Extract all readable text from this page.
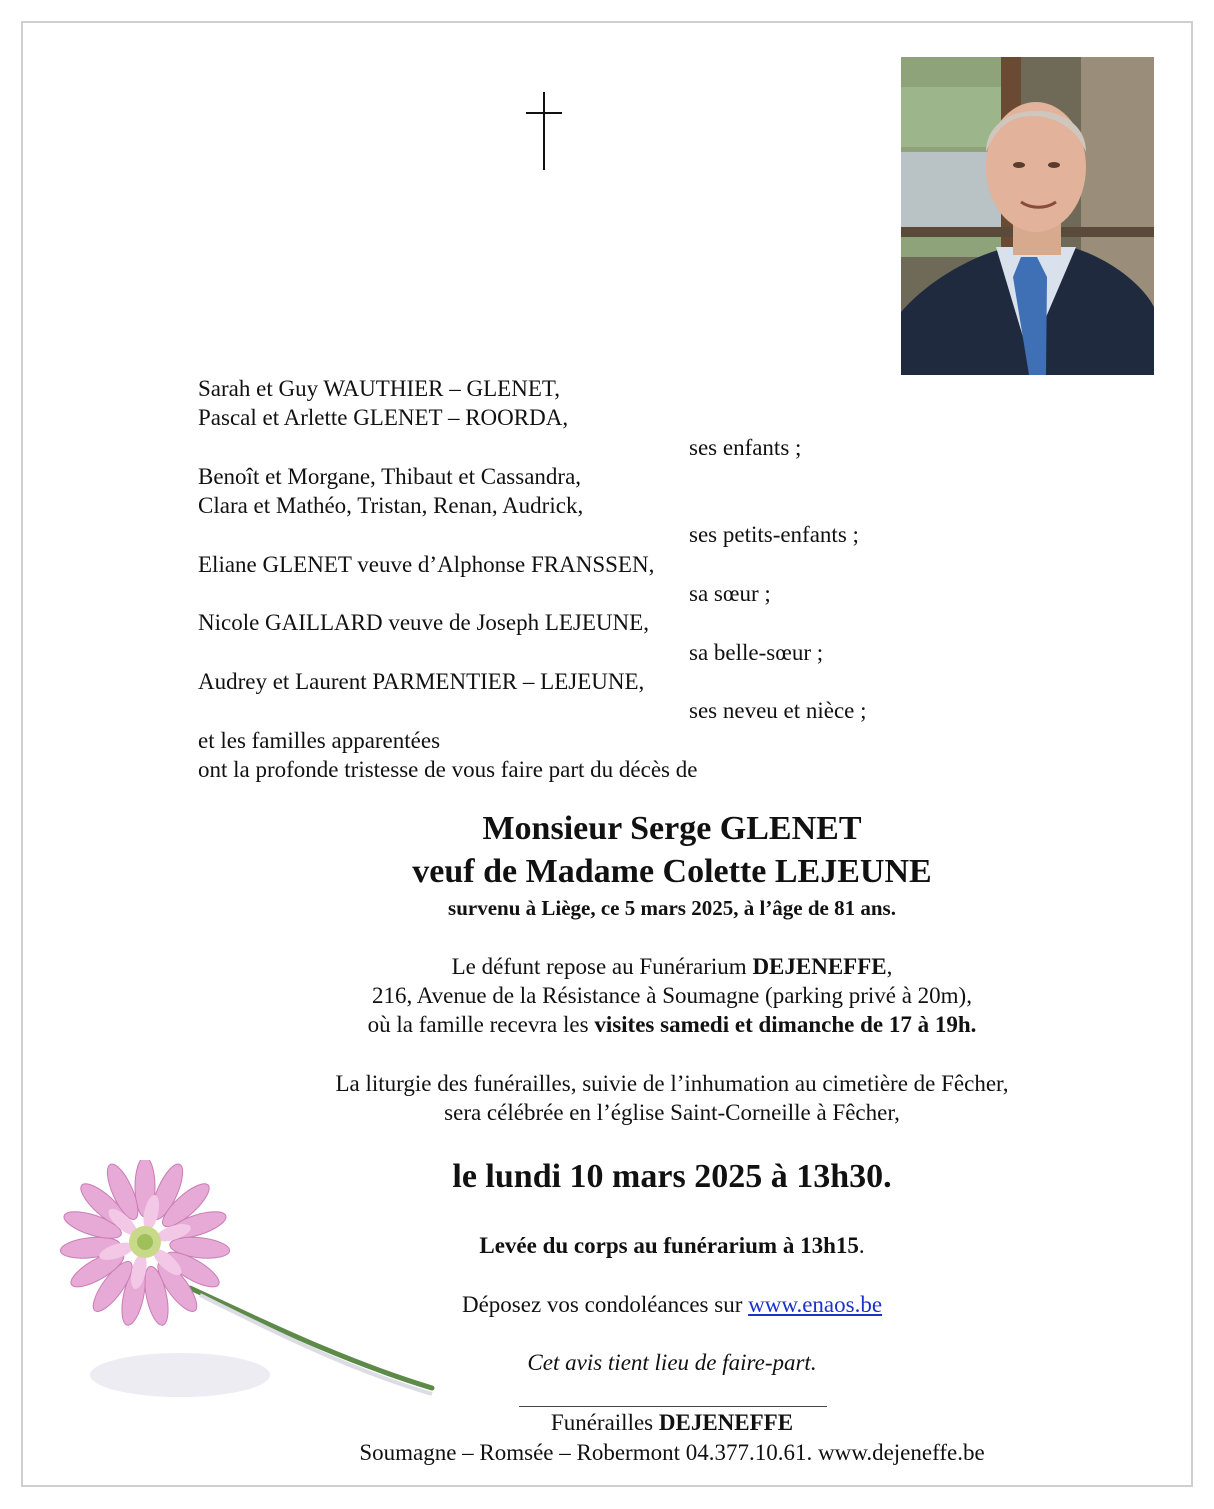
Sarah et Guy WAUTHIER – GLENET,
Pascal et Arlette GLENET – ROORDA,
ses enfants ;
Benoît et Morgane, Thibaut et Cassandra,
Clara et Mathéo, Tristan, Renan, Audrick,
ses petits-enfants ;
Eliane GLENET veuve d’Alphonse FRANSSEN,
sa sœur ;
Nicole GAILLARD veuve de Joseph LEJEUNE,
sa belle-sœur ;
Audrey et Laurent PARMENTIER – LEJEUNE,
ses neveu et nièce ;
et les familles apparentées
ont la profonde tristesse de vous faire part du décès de
Monsieur Serge GLENET
veuf de Madame Colette LEJEUNE
survenu à Liège, ce 5 mars 2025, à l’âge de 81 ans.
Le défunt repose au Funérarium DEJENEFFE,
216, Avenue de la Résistance à Soumagne (parking privé à 20m),
où la famille recevra les visites samedi et dimanche de 17 à 19h.
La liturgie des funérailles, suivie de l’inhumation au cimetière de Fêcher,
sera célébrée en l’église Saint-Corneille à Fêcher,
le lundi 10 mars 2025 à 13h30.
Levée du corps au funérarium à 13h15.
Déposez vos condoléances sur www.enaos.be
Cet avis tient lieu de faire-part.
Funérailles DEJENEFFE
Soumagne – Romsée – Robermont 04.377.10.61. www.dejeneffe.be
